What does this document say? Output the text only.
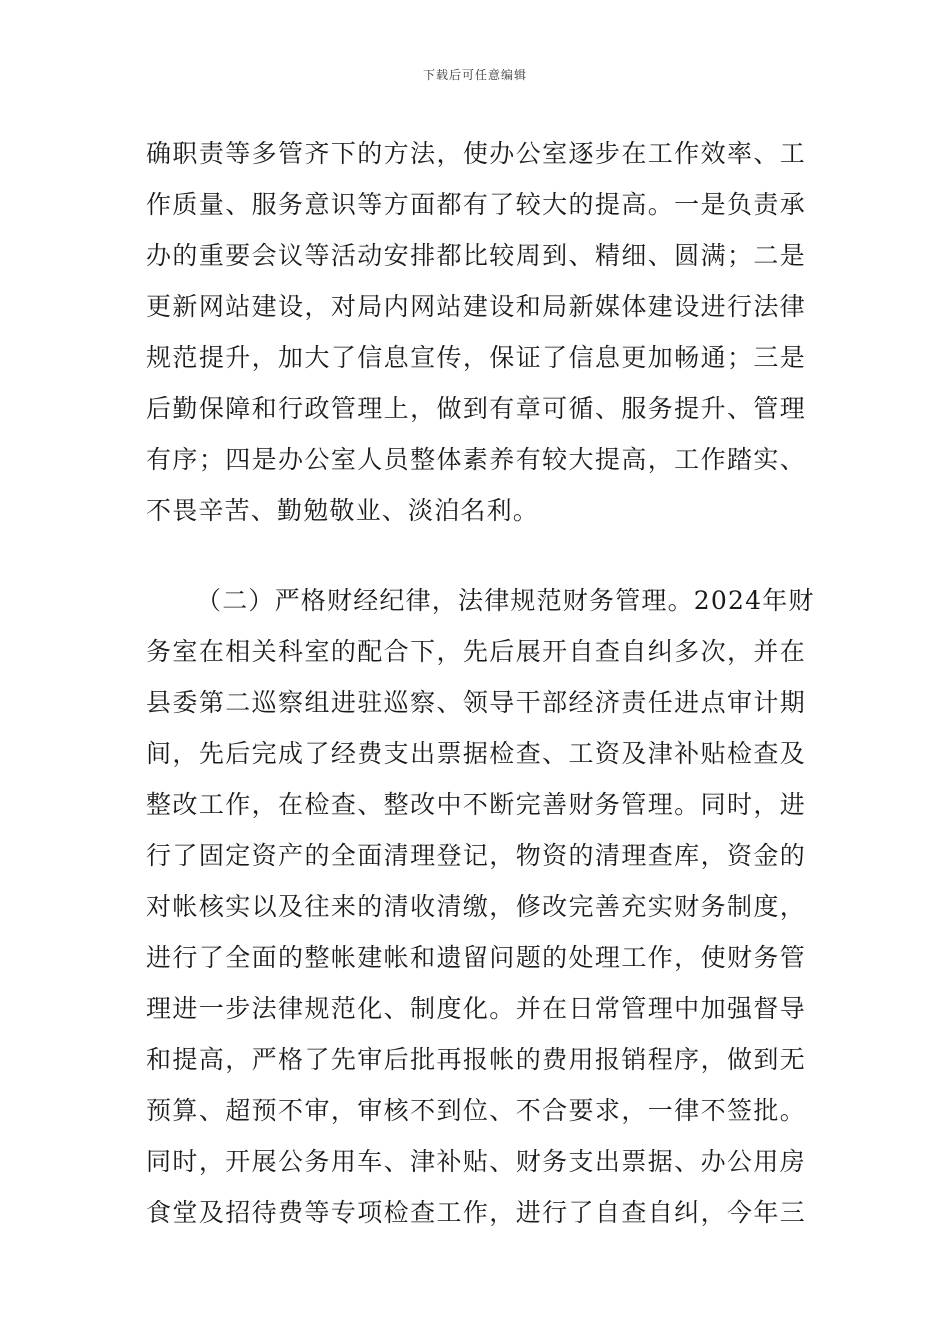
下载后可任意编辑
确职责等多管齐下的方法，使办公室逐步在工作效率、工
作质量、服务意识等方面都有了较大的提高。一是负责承
办的重要会议等活动安排都比较周到、精细、圆满；二是
更新网站建设，对局内网站建设和局新媒体建设进行法律
规范提升，加大了信息宣传，保证了信息更加畅通；三是
后勤保障和行政管理上，做到有章可循、服务提升、管理
有序；四是办公室人员整体素养有较大提高，工作踏实、
不畏辛苦、勤勉敬业、淡泊名利。
（二）严格财经纪律，法律规范财务管理。2024年财
务室在相关科室的配合下，先后展开自查自纠多次，并在
县委第二巡察组进驻巡察、领导干部经济责任进点审计期
间，先后完成了经费支出票据检查、工资及津补贴检查及
整改工作，在检查、整改中不断完善财务管理。同时，进
行了固定资产的全面清理登记，物资的清理查库，资金的
对帐核实以及往来的清收清缴，修改完善充实财务制度，
进行了全面的整帐建帐和遗留问题的处理工作，使财务管
理进一步法律规范化、制度化。并在日常管理中加强督导
和提高，严格了先审后批再报帐的费用报销程序，做到无
预算、超预不审，审核不到位、不合要求，一律不签批。
同时，开展公务用车、津补贴、财务支出票据、办公用房
食堂及招待费等专项检查工作，进行了自查自纠，今年三
